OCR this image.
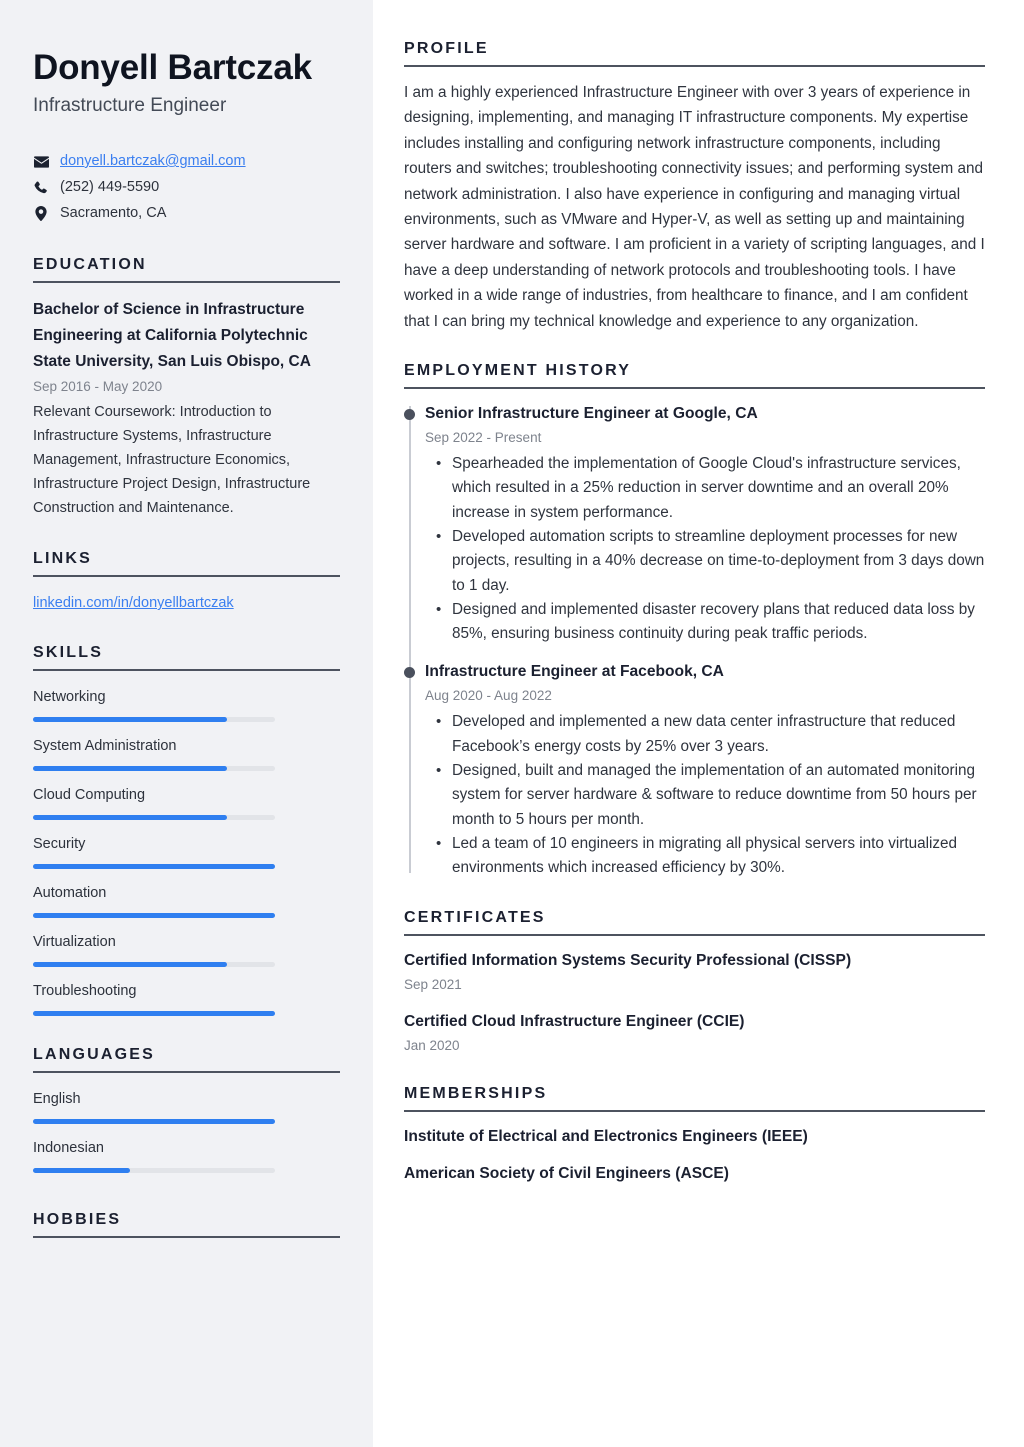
Donyell Bartczak
Infrastructure Engineer
donyell.bartczak@gmail.com
(252) 449-5590
Sacramento, CA
EDUCATION
Bachelor of Science in Infrastructure Engineering at California Polytechnic State University, San Luis Obispo, CA
Sep 2016 - May 2020
Relevant Coursework: Introduction to Infrastructure Systems, Infrastructure Management, Infrastructure Economics, Infrastructure Project Design, Infrastructure Construction and Maintenance.
LINKS
linkedin.com/in/donyellbartczak
SKILLS
Networking
System Administration
Cloud Computing
Security
Automation
Virtualization
Troubleshooting
LANGUAGES
English
Indonesian
HOBBIES
PROFILE

I am a highly experienced Infrastructure Engineer with over 3 years of experience in designing, implementing, and managing IT infrastructure components. My expertise includes installing and configuring network infrastructure components, including routers and switches; troubleshooting connectivity issues; and performing system and network administration. I also have experience in configuring and managing virtual environments, such as VMware and Hyper-V, as well as setting up and maintaining server hardware and software. I am proficient in a variety of scripting languages, and I have a deep understanding of network protocols and troubleshooting tools. I have worked in a wide range of industries, from healthcare to finance, and I am confident that I can bring my technical knowledge and experience to any organization.

EMPLOYMENT HISTORY
Senior Infrastructure Engineer at Google, CA
Sep 2022 - Present
• Spearheaded the implementation of Google Cloud's infrastructure services, which resulted in a 25% reduction in server downtime and an overall 20% increase in system performance.
• Developed automation scripts to streamline deployment processes for new projects, resulting in a 40% decrease on time-to-deployment from 3 days down to 1 day.
• Designed and implemented disaster recovery plans that reduced data loss by 85%, ensuring business continuity during peak traffic periods.
Infrastructure Engineer at Facebook, CA
Aug 2020 - Aug 2022
• Developed and implemented a new data center infrastructure that reduced Facebook’s energy costs by 25% over 3 years.
• Designed, built and managed the implementation of an automated monitoring system for server hardware & software to reduce downtime from 50 hours per month to 5 hours per month.
• Led a team of 10 engineers in migrating all physical servers into virtualized environments which increased efficiency by 30%.
CERTIFICATES
Certified Information Systems Security Professional (CISSP)
Sep 2021
Certified Cloud Infrastructure Engineer (CCIE)
Jan 2020
MEMBERSHIPS
Institute of Electrical and Electronics Engineers (IEEE)
American Society of Civil Engineers (ASCE)
